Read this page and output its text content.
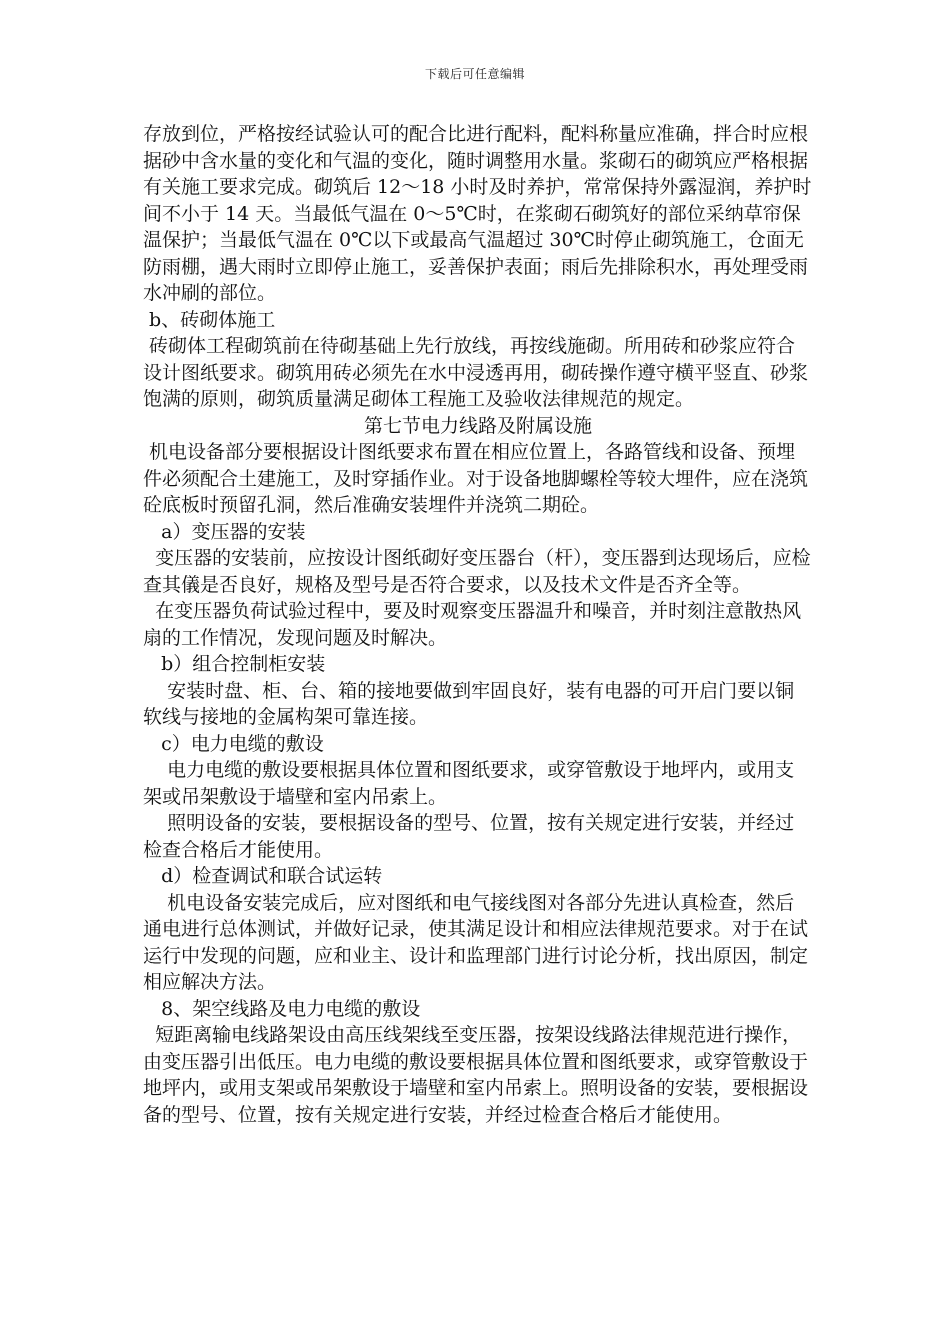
下载后可任意编辑

存放到位，严格按经试验认可的配合比进行配料，配料称量应准确，拌合时应根据砂中含水量的变化和气温的变化，随时调整用水量。浆砌石的砌筑应严格根据有关施工要求完成。砌筑后 12～18 小时及时养护，常常保持外露湿润，养护时间不小于 14 天。当最低气温在 0～5℃时，在浆砌石砌筑好的部位采纳草帘保温保护；当最低气温在 0℃以下或最高气温超过 30℃时停止砌筑施工，仓面无防雨棚，遇大雨时立即停止施工，妥善保护表面；雨后先排除积水，再处理受雨水冲刷的部位。

b、砖砌体施工

砖砌体工程砌筑前在待砌基础上先行放线，再按线施砌。所用砖和砂浆应符合设计图纸要求。砌筑用砖必须先在水中浸透再用，砌砖操作遵守横平竖直、砂浆饱满的原则，砌筑质量满足砌体工程施工及验收法律规范的规定。

第七节电力线路及附属设施

机电设备部分要根据设计图纸要求布置在相应位置上，各路管线和设备、预埋件必须配合土建施工，及时穿插作业。对于设备地脚螺栓等较大埋件，应在浇筑砼底板时预留孔洞，然后准确安装埋件并浇筑二期砼。

a）变压器的安装

变压器的安装前，应按设计图纸砌好变压器台（杆），变压器到达现场后，应检查其儀是否良好，规格及型号是否符合要求，以及技术文件是否齐全等。

在变压器负荷试验过程中，要及时观察变压器温升和噪音，并时刻注意散热风扇的工作情况，发现问题及时解决。

b）组合控制柜安装

安装时盘、柜、台、箱的接地要做到牢固良好，装有电器的可开启门要以铜软线与接地的金属构架可靠连接。

c）电力电缆的敷设

电力电缆的敷设要根据具体位置和图纸要求，或穿管敷设于地坪内，或用支架或吊架敷设于墙壁和室内吊索上。

照明设备的安装，要根据设备的型号、位置，按有关规定进行安装，并经过检查合格后才能使用。

d）检查调试和联合试运转

机电设备安装完成后，应对图纸和电气接线图对各部分先进认真检查，然后通电进行总体测试，并做好记录，使其满足设计和相应法律规范要求。对于在试运行中发现的问题，应和业主、设计和监理部门进行讨论分析，找出原因，制定相应解决方法。

8、架空线路及电力电缆的敷设

短距离输电线路架设由高压线架线至变压器，按架设线路法律规范进行操作，由变压器引出低压。电力电缆的敷设要根据具体位置和图纸要求，或穿管敷设于地坪内，或用支架或吊架敷设于墙壁和室内吊索上。照明设备的安装，要根据设备的型号、位置，按有关规定进行安装，并经过检查合格后才能使用。
